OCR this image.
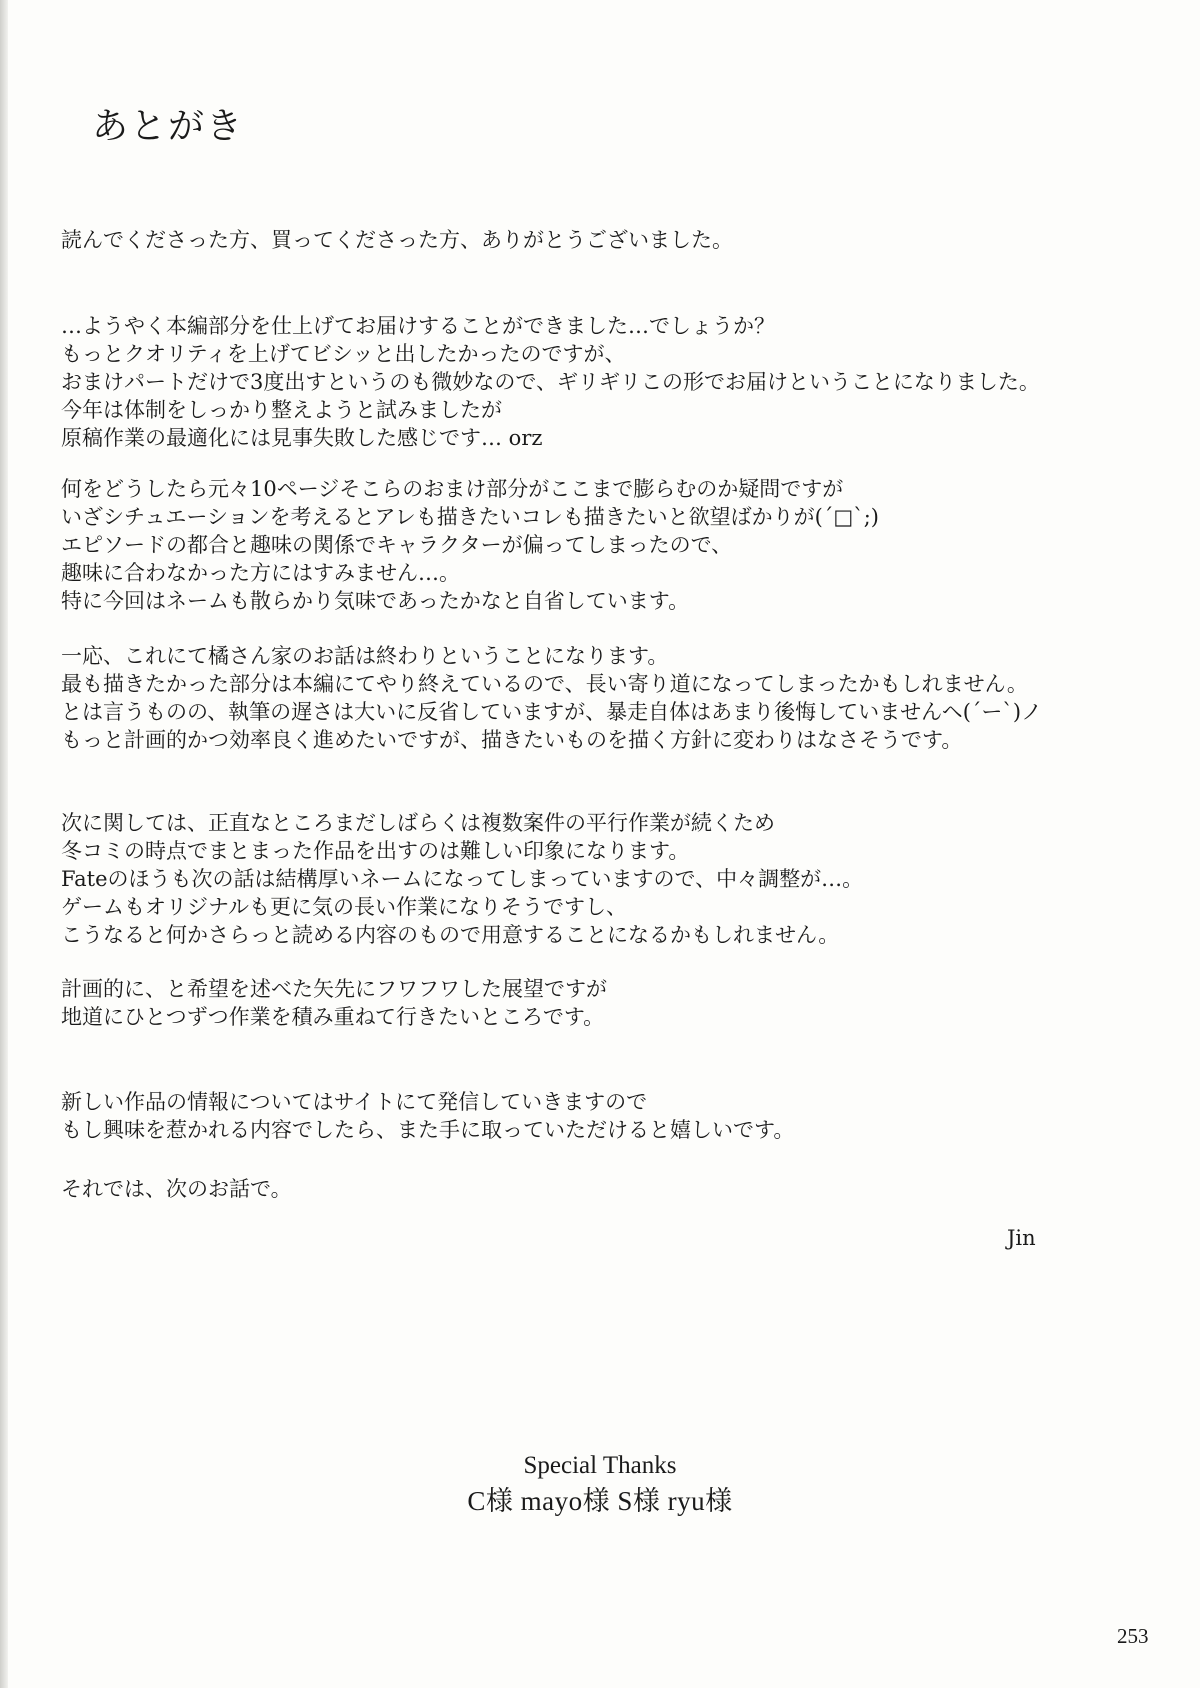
あとがき
読んでくださった方、買ってくださった方、ありがとうございました。
…ようやく本編部分を仕上げてお届けすることができました…でしょうか？
もっとクオリティを上げてビシッと出したかったのですが、
おまけパートだけで3度出すというのも微妙なので、ギリギリこの形でお届けということになりました。
今年は体制をしっかり整えようと試みましたが
原稿作業の最適化には見事失敗した感じです… orz
何をどうしたら元々10ページそこらのおまけ部分がここまで膨らむのか疑問ですが
いざシチュエーションを考えるとアレも描きたいコレも描きたいと欲望ばかりが(´□`;)
エピソードの都合と趣味の関係でキャラクターが偏ってしまったので、
趣味に合わなかった方にはすみません…。
特に今回はネームも散らかり気味であったかなと自省しています。
一応、これにて橘さん家のお話は終わりということになります。
最も描きたかった部分は本編にてやり終えているので、長い寄り道になってしまったかもしれません。
とは言うものの、執筆の遅さは大いに反省していますが、暴走自体はあまり後悔していませんヘ(´ー`)ノ
もっと計画的かつ効率良く進めたいですが、描きたいものを描く方針に変わりはなさそうです。
次に関しては、正直なところまだしばらくは複数案件の平行作業が続くため
冬コミの時点でまとまった作品を出すのは難しい印象になります。
Fateのほうも次の話は結構厚いネームになってしまっていますので、中々調整が…。
ゲームもオリジナルも更に気の長い作業になりそうですし、
こうなると何かさらっと読める内容のもので用意することになるかもしれません。
計画的に、と希望を述べた矢先にフワフワした展望ですが
地道にひとつずつ作業を積み重ねて行きたいところです。
新しい作品の情報についてはサイトにて発信していきますので
もし興味を惹かれる内容でしたら、また手に取っていただけると嬉しいです。
それでは、次のお話で。
Jin
Special Thanks
C様 mayo様 S様 ryu様
253
